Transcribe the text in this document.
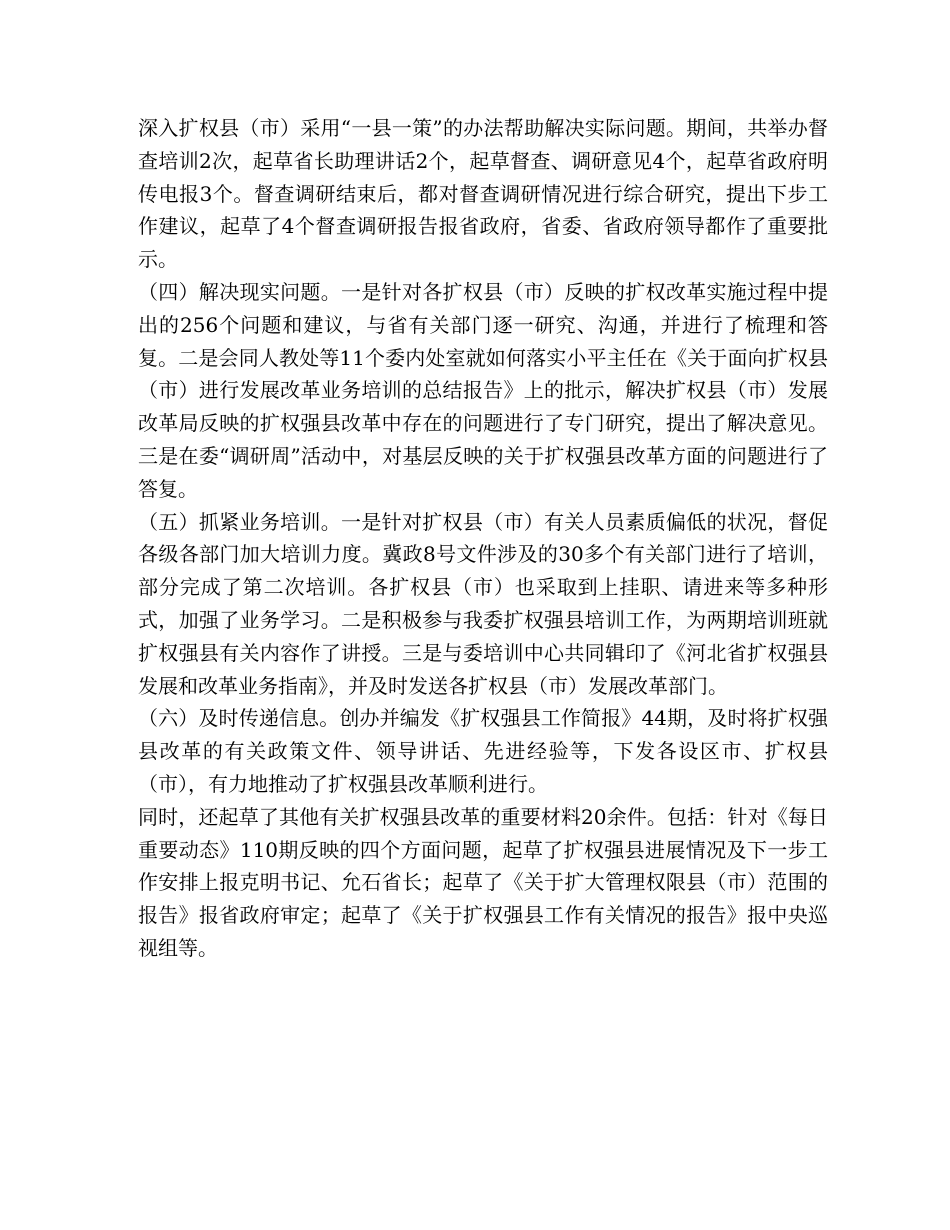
深入扩权县（市）采用“一县一策”的办法帮助解决实际问题。期间，共举办督查培训2次，起草省长助理讲话2个，起草督查、调研意见4个，起草省政府明传电报3个。督查调研结束后，都对督查调研情况进行综合研究，提出下步工作建议，起草了4个督查调研报告报省政府，省委、省政府领导都作了重要批示。

（四）解决现实问题。一是针对各扩权县（市）反映的扩权改革实施过程中提出的256个问题和建议，与省有关部门逐一研究、沟通，并进行了梳理和答复。二是会同人教处等11个委内处室就如何落实小平主任在《关于面向扩权县（市）进行发展改革业务培训的总结报告》上的批示，解决扩权县（市）发展改革局反映的扩权强县改革中存在的问题进行了专门研究，提出了解决意见。三是在委“调研周”活动中，对基层反映的关于扩权强县改革方面的问题进行了答复。

（五）抓紧业务培训。一是针对扩权县（市）有关人员素质偏低的状况，督促各级各部门加大培训力度。冀政8号文件涉及的30多个有关部门进行了培训，部分完成了第二次培训。各扩权县（市）也采取到上挂职、请进来等多种形式，加强了业务学习。二是积极参与我委扩权强县培训工作，为两期培训班就扩权强县有关内容作了讲授。三是与委培训中心共同辑印了《河北省扩权强县发展和改革业务指南》，并及时发送各扩权县（市）发展改革部门。

（六）及时传递信息。创办并编发《扩权强县工作简报》44期，及时将扩权强县改革的有关政策文件、领导讲话、先进经验等，下发各设区市、扩权县（市），有力地推动了扩权强县改革顺利进行。

同时，还起草了其他有关扩权强县改革的重要材料20余件。包括：针对《每日重要动态》110期反映的四个方面问题，起草了扩权强县进展情况及下一步工作安排上报克明书记、允石省长；起草了《关于扩大管理权限县（市）范围的报告》报省政府审定；起草了《关于扩权强县工作有关情况的报告》报中央巡视组等。
